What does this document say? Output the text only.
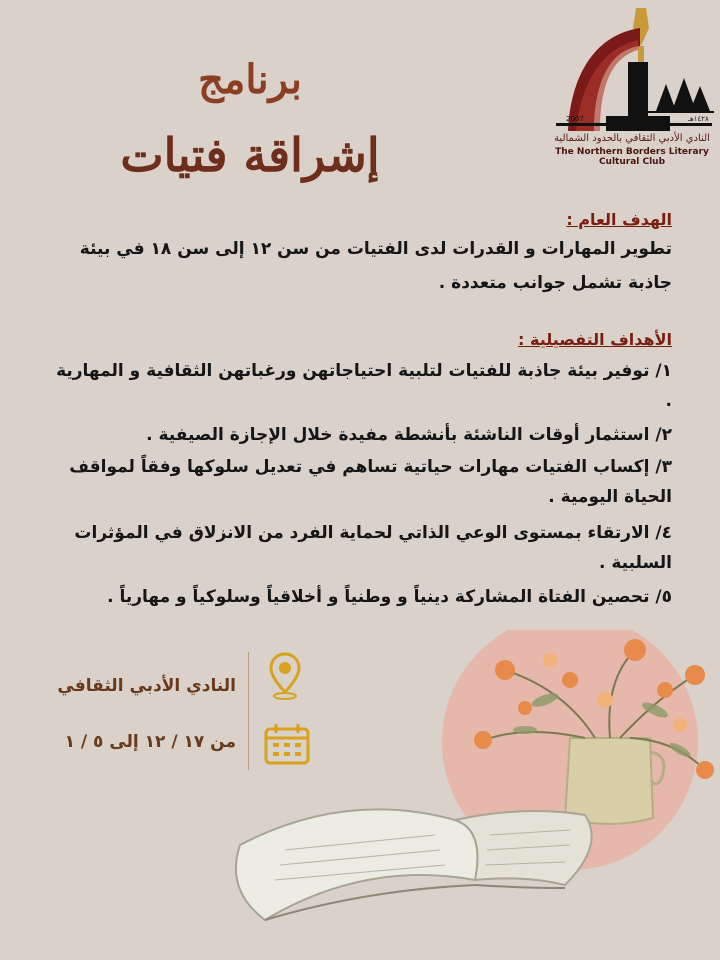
2007	١٤٢٨هـ
النادي الأدبي الثقافي بالحدود الشمالية
The Northern Borders Literary Cultural Club
برنامج
إشراقة فتيات
الهدف العام :
تطوير المهارات و القدرات لدى الفتيات من سن ١٢ إلى سن ١٨ في بيئة
جاذبة تشمل جوانب متعددة .
الأهداف التفصيلية :
١/ توفير بيئة جاذبة للفتيات لتلبية احتياجاتهن ورغباتهن الثقافية و المهارية .
٢/ استثمار أوقات الناشئة بأنشطة مفيدة خلال الإجازة الصيفية .
٣/ إكساب الفتيات مهارات حياتية تساهم في تعديل سلوكها وفقاً لمواقف الحياة اليومية .
٤/ الارتقاء بمستوى الوعي الذاتي لحماية الفرد من الانزلاق في المؤثرات السلبية .
٥/ تحصين الفتاة المشاركة دينياً و وطنياً و أخلاقياً وسلوكياً و مهارياً .
النادي الأدبي الثقافي
من ١٧ / ١٢ إلى ٥ / ١
